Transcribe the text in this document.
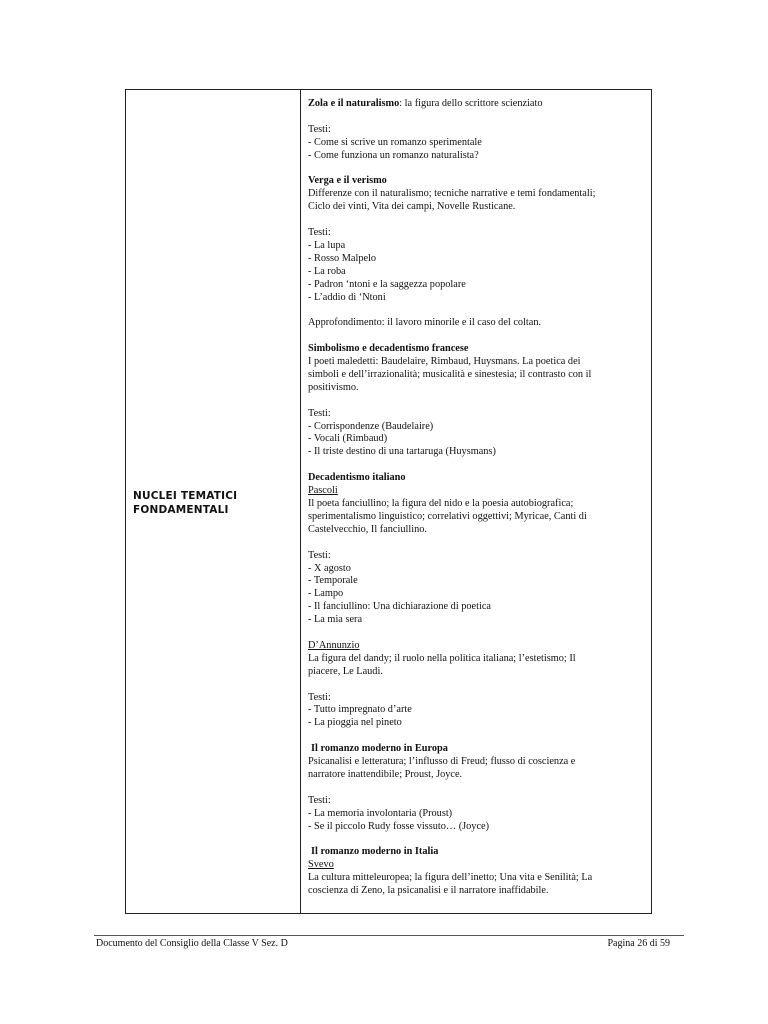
NUCLEI TEMATICI FONDAMENTALI
Zola e il naturalismo: la figura dello scrittore scienziato
Testi:
- Come si scrive un romanzo sperimentale
- Come funziona un romanzo naturalista?
Verga e il verismo
Differenze con il naturalismo; tecniche narrative e temi fondamentali;
Ciclo dei vinti, Vita dei campi, Novelle Rusticane.
Testi:
- La lupa
- Rosso Malpelo
- La roba
- Padron ‘ntoni e la saggezza popolare
- L’addio di ‘Ntoni
Approfondimento: il lavoro minorile e il caso del coltan.
Simbolismo e decadentismo francese
I poeti maledetti: Baudelaire, Rimbaud, Huysmans. La poetica dei
simboli e dell’irrazionalità; musicalità e sinestesia; il contrasto con il
positivismo.
Testi:
- Corrispondenze (Baudelaire)
- Vocali (Rimbaud)
- Il triste destino di una tartaruga (Huysmans)
Decadentismo italiano
Pascoli
Il poeta fanciullino; la figura del nido e la poesia autobiografica;
sperimentalismo linguistico; correlativi oggettivi; Myricae, Canti di
Castelvecchio, Il fanciullino.
Testi:
- X agosto
- Temporale
- Lampo
- Il fanciullino: Una dichiarazione di poetica
- La mia sera
D’Annunzio
La figura del dandy; il ruolo nella politica italiana; l’estetismo; Il
piacere, Le Laudi.
Testi:
- Tutto impregnato d’arte
- La pioggia nel pineto
Il romanzo moderno in Europa
Psicanalisi e letteratura; l’influsso di Freud; flusso di coscienza e
narratore inattendibile; Proust, Joyce.
Testi:
- La memoria involontaria (Proust)
- Se il piccolo Rudy fosse vissuto… (Joyce)
Il romanzo moderno in Italia
Svevo
La cultura mitteleuropea; la figura dell’inetto; Una vita e Senilità; La
coscienza di Zeno, la psicanalisi e il narratore inaffidabile.
Documento del Consiglio della Classe V Sez. D	Pagina 26 di 59
